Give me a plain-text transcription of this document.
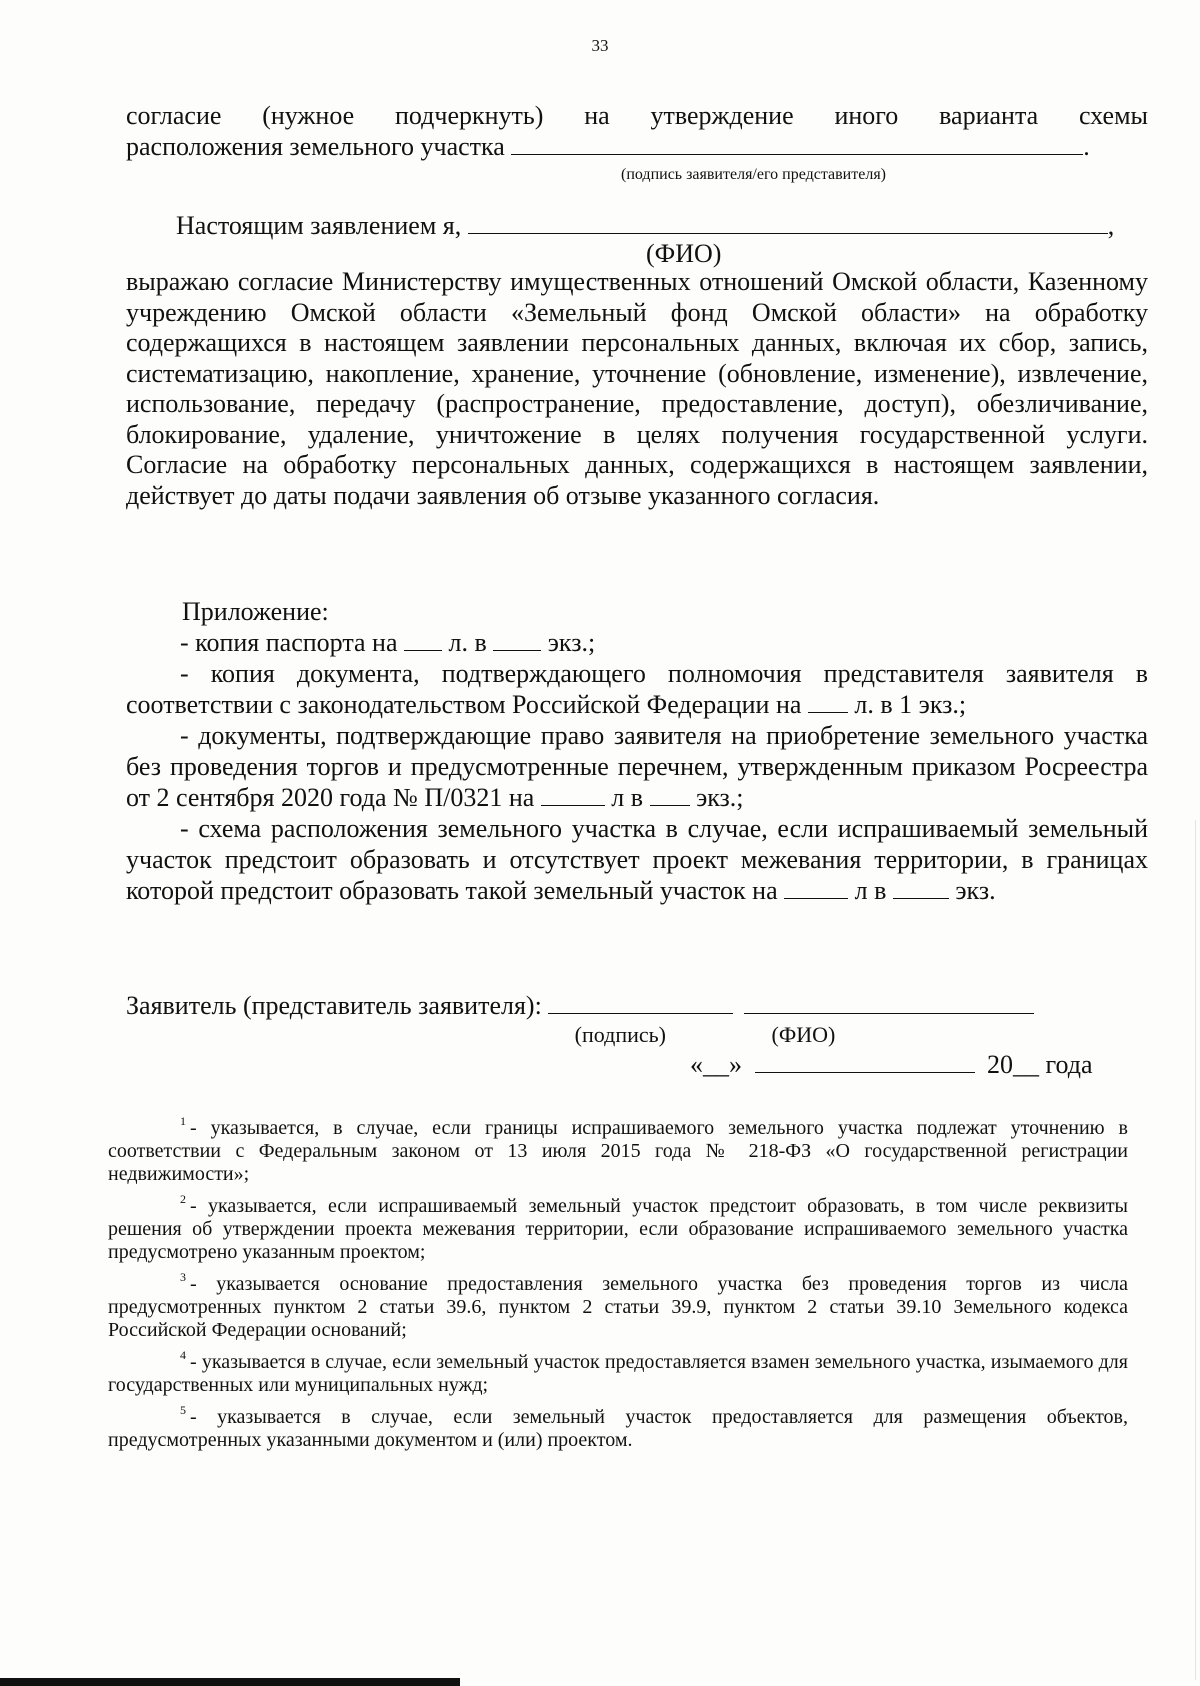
33
согласие (нужное подчеркнуть) на утверждение иного варианта схемы
расположения земельного участка	.
(подпись заявителя/его представителя)
Настоящим заявлением я,	,
(ФИО)
выражаю согласие Министерству имущественных отношений Омской области, Казенному учреждению Омской области «Земельный фонд Омской области» на обработку содержащихся в настоящем заявлении персональных данных, включая их сбор, запись, систематизацию, накопление, хранение, уточнение (обновление, изменение), извлечение, использование, передачу (распространение, предоставление, доступ), обезличивание, блокирование, удаление, уничтожение в целях получения государственной услуги. Согласие на обработку персональных данных, содержащихся в настоящем заявлении, действует до даты подачи заявления об отзыве указанного согласия.
Приложение:
- копия паспорта на л. в экз.;
- копия документа, подтверждающего полномочия представителя заявителя в соответствии с законодательством Российской Федерации на л. в 1 экз.;
- документы, подтверждающие право заявителя на приобретение земельного участка без проведения торгов и предусмотренные перечнем, утвержденным приказом Росреестра от 2 сентября 2020 года № П/0321 на	л в экз.;
- схема расположения земельного участка в случае, если испрашиваемый земельный участок предстоит образовать и отсутствует проект межевания территории, в границах которой предстоит образовать такой земельный участок на	л в	экз.
Заявитель (представитель заявителя):
(подпись)	(ФИО)
«__»	20__ года
$^1$ - указывается, в случае, если границы испрашиваемого земельного участка подлежат уточнению в соответствии с Федеральным законом от 13 июля 2015 года № 218-ФЗ «О государственной регистрации недвижимости»;
$^2$ - указывается, если испрашиваемый земельный участок предстоит образовать, в том числе реквизиты решения об утверждении проекта межевания территории, если образование испрашиваемого земельного участка предусмотрено указанным проектом;
$^3$ - указывается основание предоставления земельного участка без проведения торгов из числа предусмотренных пунктом 2 статьи 39.6, пунктом 2 статьи 39.9, пунктом 2 статьи 39.10 Земельного кодекса Российской Федерации оснований;
$^4$ - указывается в случае, если земельный участок предоставляется взамен земельного участка, изымаемого для государственных или муниципальных нужд;
$^5$ - указывается в случае, если земельный участок предоставляется для размещения объектов, предусмотренных указанными документом и (или) проектом.
